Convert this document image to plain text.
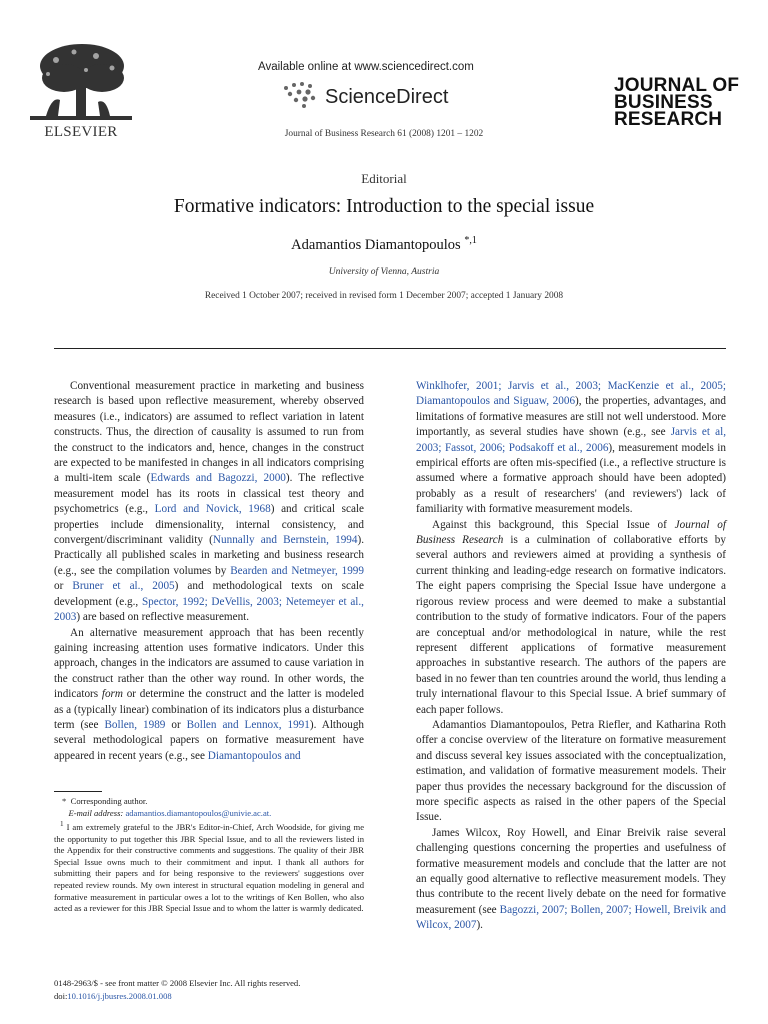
ELSEVIER
Available online at www.sciencedirect.com
ScienceDirect
Journal of Business Research 61 (2008) 1201 – 1202
JOURNAL OF
BUSINESS
RESEARCH
Editorial
Formative indicators: Introduction to the special issue
Adamantios Diamantopoulos $^{*,1}$
University of Vienna, Austria
Received 1 October 2007; received in revised form 1 December 2007; accepted 1 January 2008

Conventional measurement practice in marketing and business research is based upon reflective measurement, whereby observed measures (i.e., indicators) are assumed to reflect variation in latent constructs. Thus, the direction of causality is assumed to run from the construct to the indicators and, hence, changes in the construct are expected to be manifested in changes in all indicators comprising a multi-item scale (Edwards and Bagozzi, 2000). The reflective measurement model has its roots in classical test theory and psychometrics (e.g., Lord and Novick, 1968) and critical scale properties include dimensionality, internal consistency, and convergent/discriminant validity (Nunnally and Bernstein, 1994). Practically all published scales in marketing and business research (e.g., see the compilation volumes by Bearden and Netmeyer, 1999 or Bruner et al., 2005) and methodological texts on scale development (e.g., Spector, 1992; DeVellis, 2003; Netemeyer et al., 2003) are based on reflective measurement.

An alternative measurement approach that has been recently gaining increasing attention uses formative indicators. Under this approach, changes in the indicators are assumed to cause variation in the construct rather than the other way round. In other words, the indicators form or determine the construct and the latter is modeled as a (typically linear) combination of its indicators plus a disturbance term (see Bollen, 1989 or Bollen and Lennox, 1991). Although several methodological papers on formative measurement have appeared in recent years (e.g., see Diamantopoulos and

Winklhofer, 2001; Jarvis et al., 2003; MacKenzie et al., 2005; Diamantopoulos and Siguaw, 2006), the properties, advantages, and limitations of formative measures are still not well understood. More importantly, as several studies have shown (e.g., see Jarvis et al, 2003; Fassot, 2006; Podsakoff et al., 2006), measurement models in empirical efforts are often mis-specified (i.e., a reflective structure is assumed where a formative approach should have been adopted) probably as a result of researchers' (and reviewers') lack of familiarity with formative measurement models.

Against this background, this Special Issue of Journal of Business Research is a culmination of collaborative efforts by several authors and reviewers aimed at providing a synthesis of current thinking and leading-edge research on formative indicators. The eight papers comprising the Special Issue have undergone a rigorous review process and were deemed to make a substantial contribution to the study of formative indicators. Four of the papers are conceptual and/or methodological in nature, while the rest represent different applications of formative measurement approaches in substantive research. The authors of the papers are based in no fewer than ten countries around the world, thus lending a truly international flavour to this Special Issue. A brief summary of each paper follows.

Adamantios Diamantopoulos, Petra Riefler, and Katharina Roth offer a concise overview of the literature on formative measurement and discuss several key issues associated with the conceptualization, estimation, and validation of formative measurement models. Their paper thus provides the necessary background for the discussion of more specific aspects as raised in the other papers of the Special Issue.

James Wilcox, Roy Howell, and Einar Breivik raise several challenging questions concerning the properties and usefulness of formative measurement models and conclude that the latter are not an equally good alternative to reflective measurement models. They thus contribute to the recent lively debate on the need for formative measurement (see Bagozzi, 2007; Bollen, 2007; Howell, Breivik and Wilcox, 2007).

* Corresponding author.

E-mail address: adamantios.diamantopoulos@univie.ac.at.

$^1$ I am extremely grateful to the JBR's Editor-in-Chief, Arch Woodside, for giving me the opportunity to put together this JBR Special Issue, and to all the reviewers listed in the Appendix for their constructive comments and suggestions. The quality of their JBR Special Issue owns much to their commitment and input. I thank all authors for submitting their papers and for being responsive to the reviewers' suggestions over repeated review rounds. My own interest in structural equation modeling in general and formative measurement in particular owes a lot to the writings of Ken Bollen, who also acted as a reviewer for this JBR Special Issue and to whom the latter is warmly dedicated.

0148-2963/$ - see front matter © 2008 Elsevier Inc. All rights reserved.
doi:10.1016/j.jbusres.2008.01.008
